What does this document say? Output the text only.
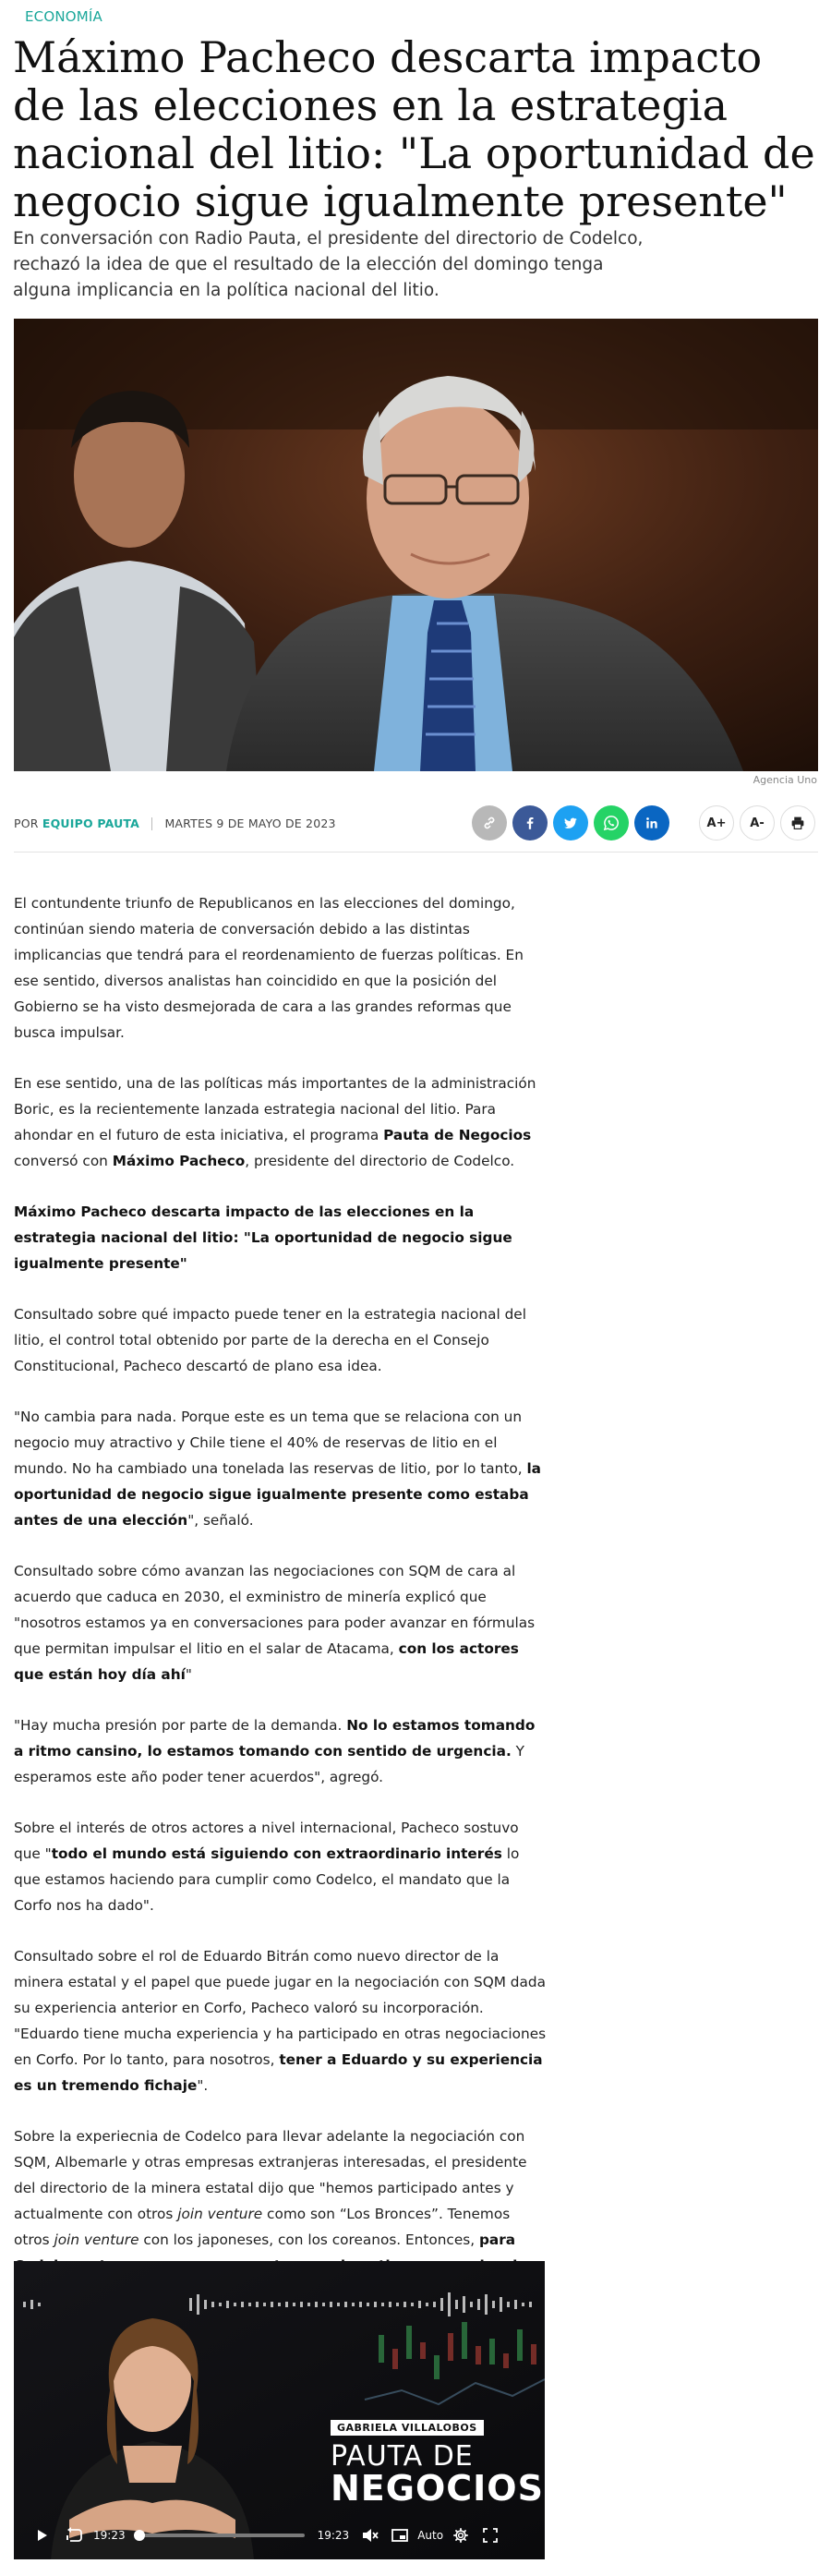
ECONOMÍA
Máximo Pacheco descarta impacto de las elecciones en la estrategia nacional del litio: "La oportunidad de negocio sigue igualmente presente"

En conversación con Radio Pauta, el presidente del directorio de Codelco, rechazó la idea de que el resultado de la elección del domingo tenga alguna implicancia en la política nacional del litio.

Agencia Uno
POR EQUIPO PAUTA MARTES 9 DE MAYO DE 2023	A+	A-

El contundente triunfo de Republicanos en las elecciones del domingo, continúan siendo materia de conversación debido a las distintas implicancias que tendrá para el reordenamiento de fuerzas políticas. En ese sentido, diversos analistas han coincidido en que la posición del Gobierno se ha visto desmejorada de cara a las grandes reformas que busca impulsar.

En ese sentido, una de las políticas más importantes de la administración Boric, es la recientemente lanzada estrategia nacional del litio. Para ahondar en el futuro de esta iniciativa, el programa Pauta de Negocios conversó con Máximo Pacheco, presidente del directorio de Codelco.

Máximo Pacheco descarta impacto de las elecciones en la estrategia nacional del litio: "La oportunidad de negocio sigue igualmente presente"

Consultado sobre qué impacto puede tener en la estrategia nacional del litio, el control total obtenido por parte de la derecha en el Consejo Constitucional, Pacheco descartó de plano esa idea.

"No cambia para nada. Porque este es un tema que se relaciona con un negocio muy atractivo y Chile tiene el 40% de reservas de litio en el mundo. No ha cambiado una tonelada las reservas de litio, por lo tanto, la oportunidad de negocio sigue igualmente presente como estaba antes de una elección", señaló.

Consultado sobre cómo avanzan las negociaciones con SQM de cara al acuerdo que caduca en 2030, el exministro de minería explicó que "nosotros estamos ya en conversaciones para poder avanzar en fórmulas que permitan impulsar el litio en el salar de Atacama, con los actores que están hoy día ahí"

"Hay mucha presión por parte de la demanda. No lo estamos tomando a ritmo cansino, lo estamos tomando con sentido de urgencia. Y esperamos este año poder tener acuerdos", agregó.

Sobre el interés de otros actores a nivel internacional, Pacheco sostuvo que "todo el mundo está siguiendo con extraordinario interés lo que estamos haciendo para cumplir como Codelco, el mandato que la Corfo nos ha dado".

Consultado sobre el rol de Eduardo Bitrán como nuevo director de la minera estatal y el papel que puede jugar en la negociación con SQM dada su experiencia anterior en Corfo, Pacheco valoró su incorporación. "Eduardo tiene mucha experiencia y ha participado en otras negociaciones en Corfo. Por lo tanto, para nosotros, tener a Eduardo y su experiencia es un tremendo fichaje".

Sobre la experiecnia de Codelco para llevar adelante la negociación con SQM, Albemarle y otras empresas extranjeras interesadas, el presidente del directorio de la minera estatal dijo que "hemos participado antes y actualmente con otros join venture como son “Los Bronces”. Tenemos otros join venture con los japoneses, con los coreanos. Entonces, para

GABRIELA VILLALOBOS
PAUTA DE
NEGOCIOS
19:23	19:23	Auto
